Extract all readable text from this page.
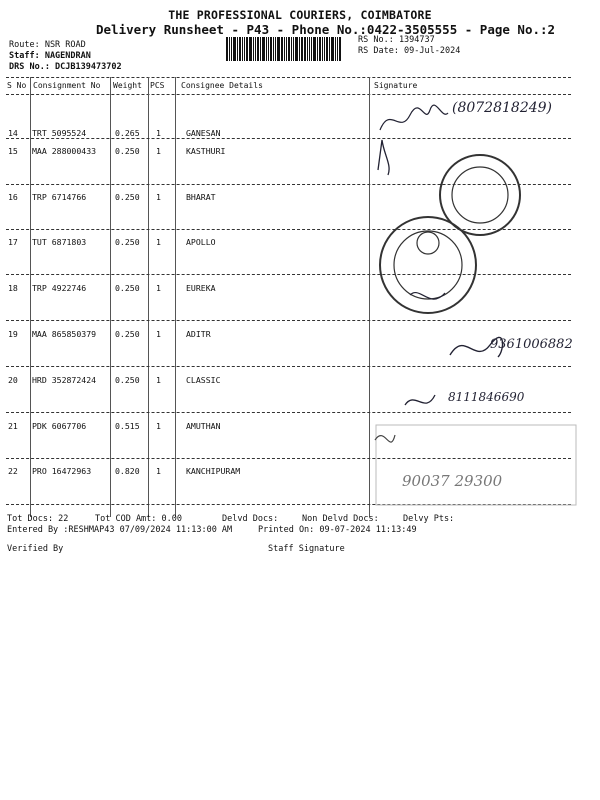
THE PROFESSIONAL COURIERS, COIMBATORE
Delivery Runsheet - P43 - Phone No.:0422-3505555 - Page No.:2
Route: NSR ROAD
Staff: NAGENDRAN
DRS No.: DCJB139473702
RS No.: 1394737
RS Date: 09-Jul-2024
S No Consignment No Weight PCS Consignee Details	Signature
14 TRT 5095524	0.265 1	GANESAN
15 MAA 288000433 0.250 1	KASTHURI
16 TRP 6714766	0.250 1	BHARAT
17 TUT 6871803	0.250 1	APOLLO
18 TRP 4922746	0.250 1	EUREKA
19 MAA 865850379 0.250 1	ADITR
20 HRD 352872424 0.250 1	CLASSIC
21 PDK 6067706	0.515 1	AMUTHAN
22 PRO 16472963	0.820 1	KANCHIPURAM
(8072818249)
9361006882
8111846690
90037 29300
Tot Docs: 22	Tot COD Amt: 0.00	Delvd Docs:	Non Delvd Docs:	Delvy Pts:
Entered By :RESHMAP43 07/09/2024 11:13:00 AM	Printed On: 09-07-2024 11:13:49
Verified By	Staff Signature
